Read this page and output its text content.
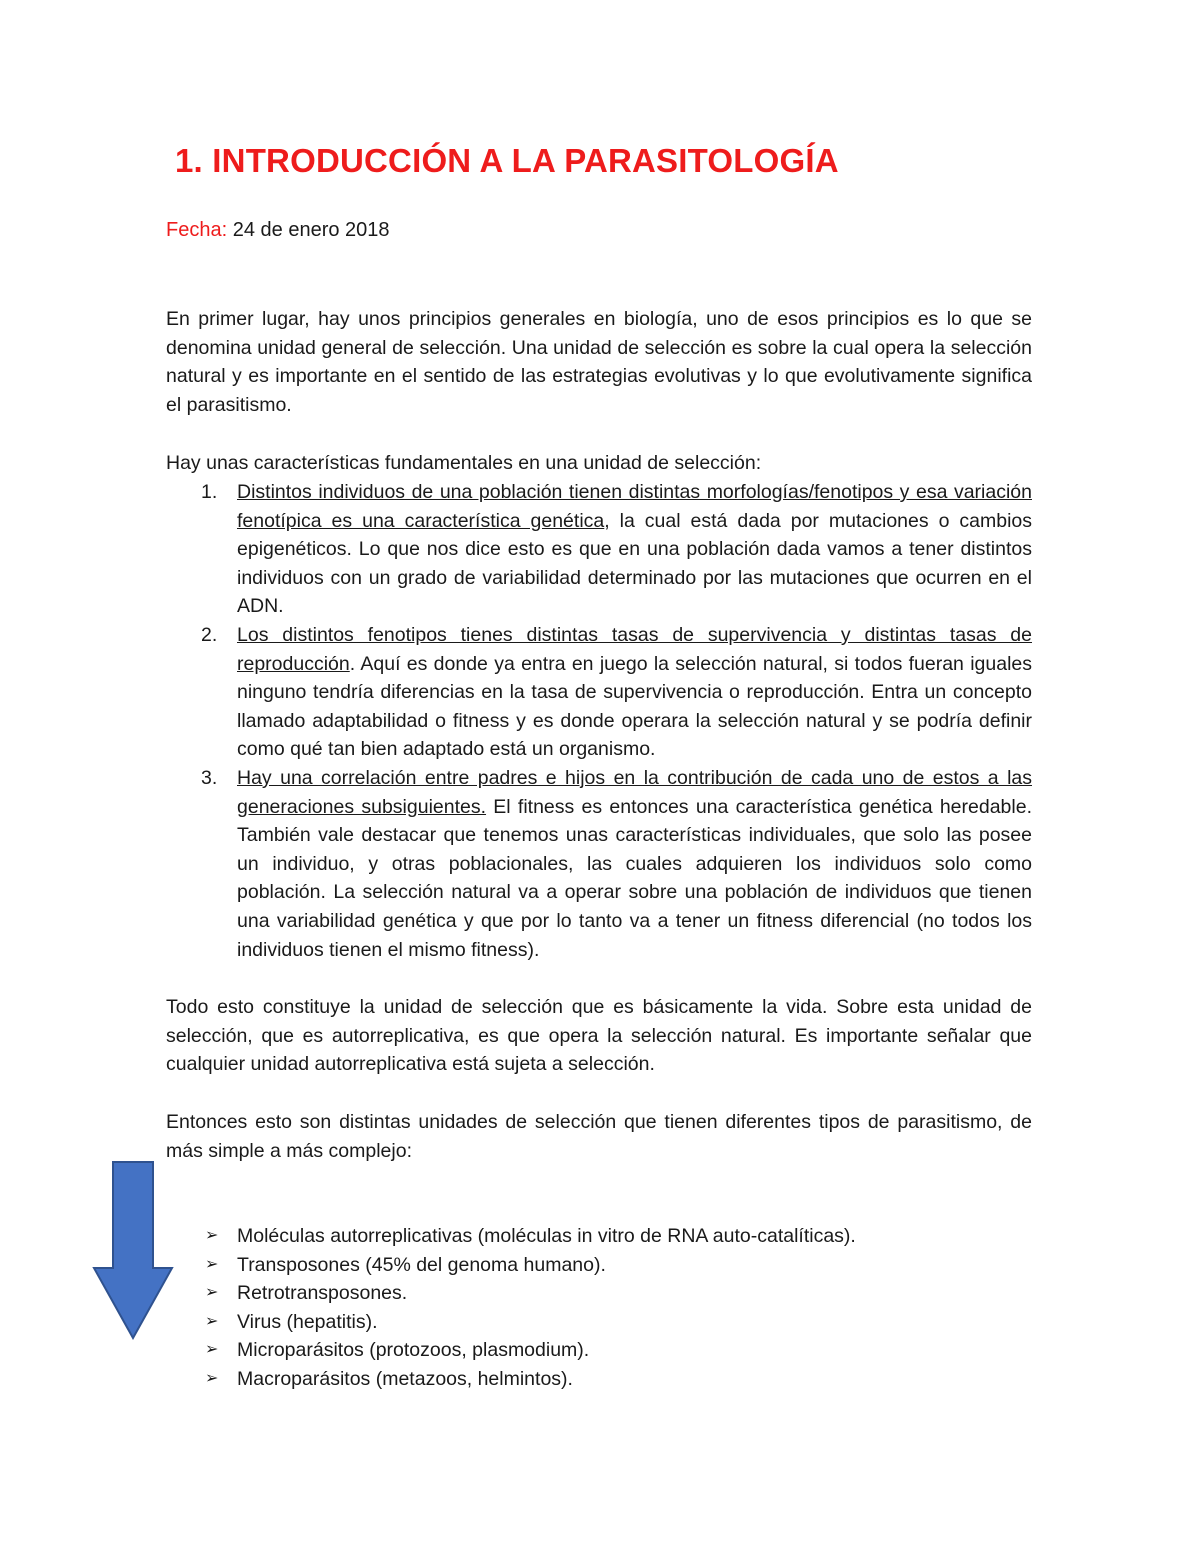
1. INTRODUCCIÓN A LA PARASITOLOGÍA
Fecha: 24 de enero 2018

En primer lugar, hay unos principios generales en biología, uno de esos principios es lo que se denomina unidad general de selección. Una unidad de selección es sobre la cual opera la selección natural y es importante en el sentido de las estrategias evolutivas y lo que evolutivamente significa el parasitismo.

Hay unas características fundamentales en una unidad de selección:

1. Distintos individuos de una población tienen distintas morfologías/fenotipos y esa variación fenotípica es una característica genética, la cual está dada por mutaciones o cambios epigenéticos. Lo que nos dice esto es que en una población dada vamos a tener distintos individuos con un grado de variabilidad determinado por las mutaciones que ocurren en el ADN.
2. Los distintos fenotipos tienes distintas tasas de supervivencia y distintas tasas de reproducción. Aquí es donde ya entra en juego la selección natural, si todos fueran iguales ninguno tendría diferencias en la tasa de supervivencia o reproducción. Entra un concepto llamado adaptabilidad o fitness y es donde operara la selección natural y se podría definir como qué tan bien adaptado está un organismo.
3. Hay una correlación entre padres e hijos en la contribución de cada uno de estos a las generaciones subsiguientes. El fitness es entonces una característica genética heredable. También vale destacar que tenemos unas características individuales, que solo las posee un individuo, y otras poblacionales, las cuales adquieren los individuos solo como población. La selección natural va a operar sobre una población de individuos que tienen una variabilidad genética y que por lo tanto va a tener un fitness diferencial (no todos los individuos tienen el mismo fitness).

Todo esto constituye la unidad de selección que es básicamente la vida. Sobre esta unidad de selección, que es autorreplicativa, es que opera la selección natural. Es importante señalar que cualquier unidad autorreplicativa está sujeta a selección.

Entonces esto son distintas unidades de selección que tienen diferentes tipos de parasitismo, de más simple a más complejo:

➢ Moléculas autorreplicativas (moléculas in vitro de RNA auto-catalíticas).
➢ Transposones (45% del genoma humano).
➢ Retrotransposones.
➢ Virus (hepatitis).
➢ Microparásitos (protozoos, plasmodium).
➢ Macroparásitos (metazoos, helmintos).
